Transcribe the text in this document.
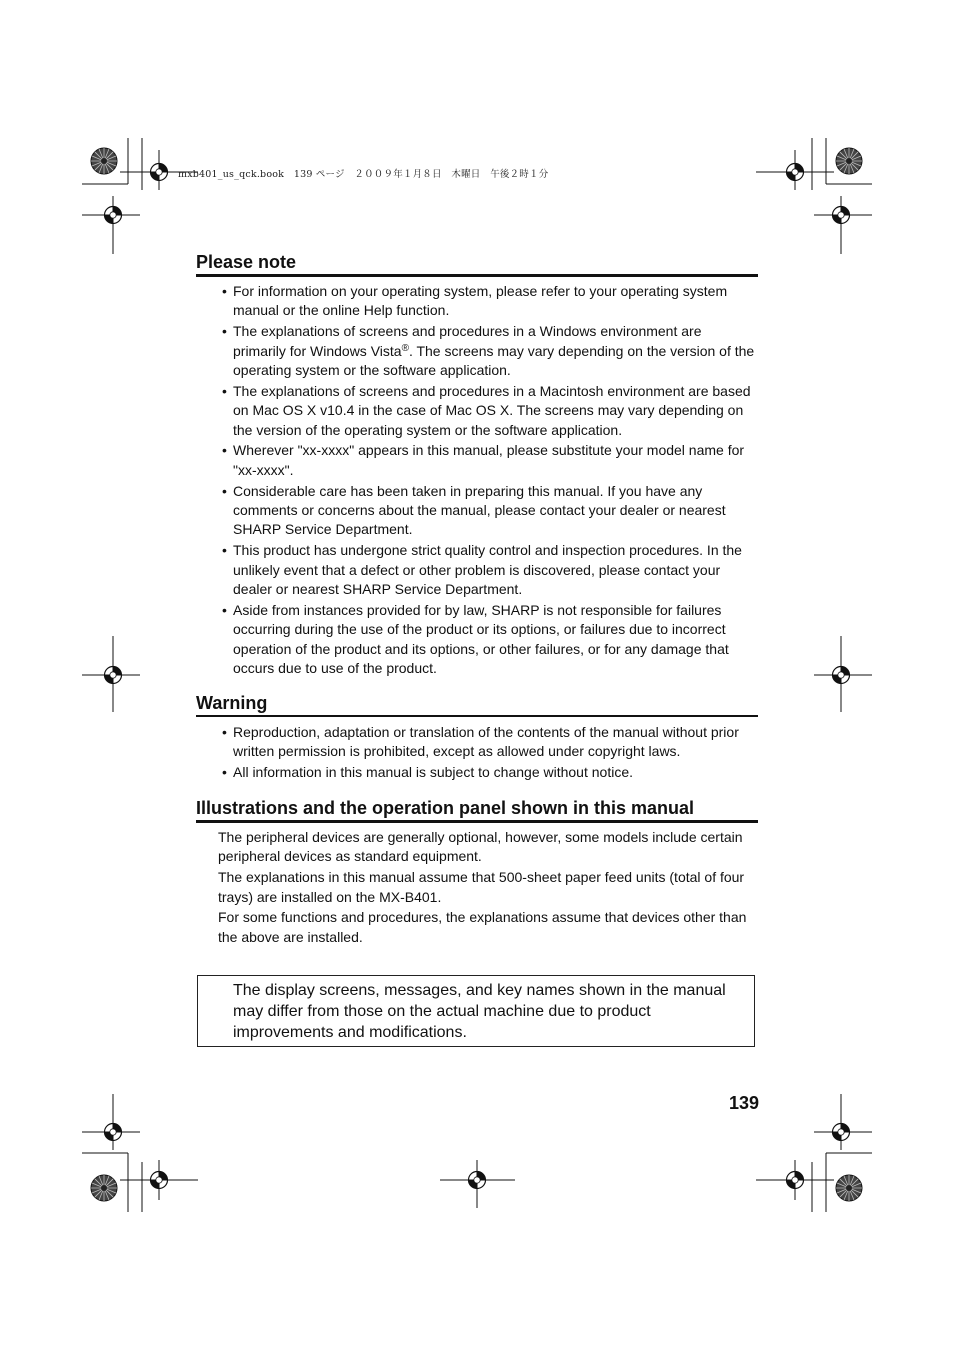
mxb401_us_qck.book　139 ページ　２００９年１月８日　木曜日　午後２時１分
Please note
• For information on your operating system, please refer to your operating system manual or the online Help function.
• The explanations of screens and procedures in a Windows environment are primarily for Windows Vista®. The screens may vary depending on the version of the operating system or the software application.
• The explanations of screens and procedures in a Macintosh environment are based on Mac OS X v10.4 in the case of Mac OS X. The screens may vary depending on the version of the operating system or the software application.
• Wherever "xx-xxxx" appears in this manual, please substitute your model name for "xx-xxxx".
• Considerable care has been taken in preparing this manual. If you have any comments or concerns about the manual, please contact your dealer or nearest SHARP Service Department.
• This product has undergone strict quality control and inspection procedures. In the unlikely event that a defect or other problem is discovered, please contact your dealer or nearest SHARP Service Department.
• Aside from instances provided for by law, SHARP is not responsible for failures occurring during the use of the product or its options, or failures due to incorrect operation of the product and its options, or other failures, or for any damage that occurs due to use of the product.
Warning
• Reproduction, adaptation or translation of the contents of the manual without prior written permission is prohibited, except as allowed under copyright laws.
• All information in this manual is subject to change without notice.
Illustrations and the operation panel shown in this manual

The peripheral devices are generally optional, however, some models include certain peripheral devices as standard equipment.

The explanations in this manual assume that 500-sheet paper feed units (total of four trays) are installed on the MX-B401.

For some functions and procedures, the explanations assume that devices other than the above are installed.

The display screens, messages, and key names shown in the manual may differ from those on the actual machine due to product improvements and modifications.
139
